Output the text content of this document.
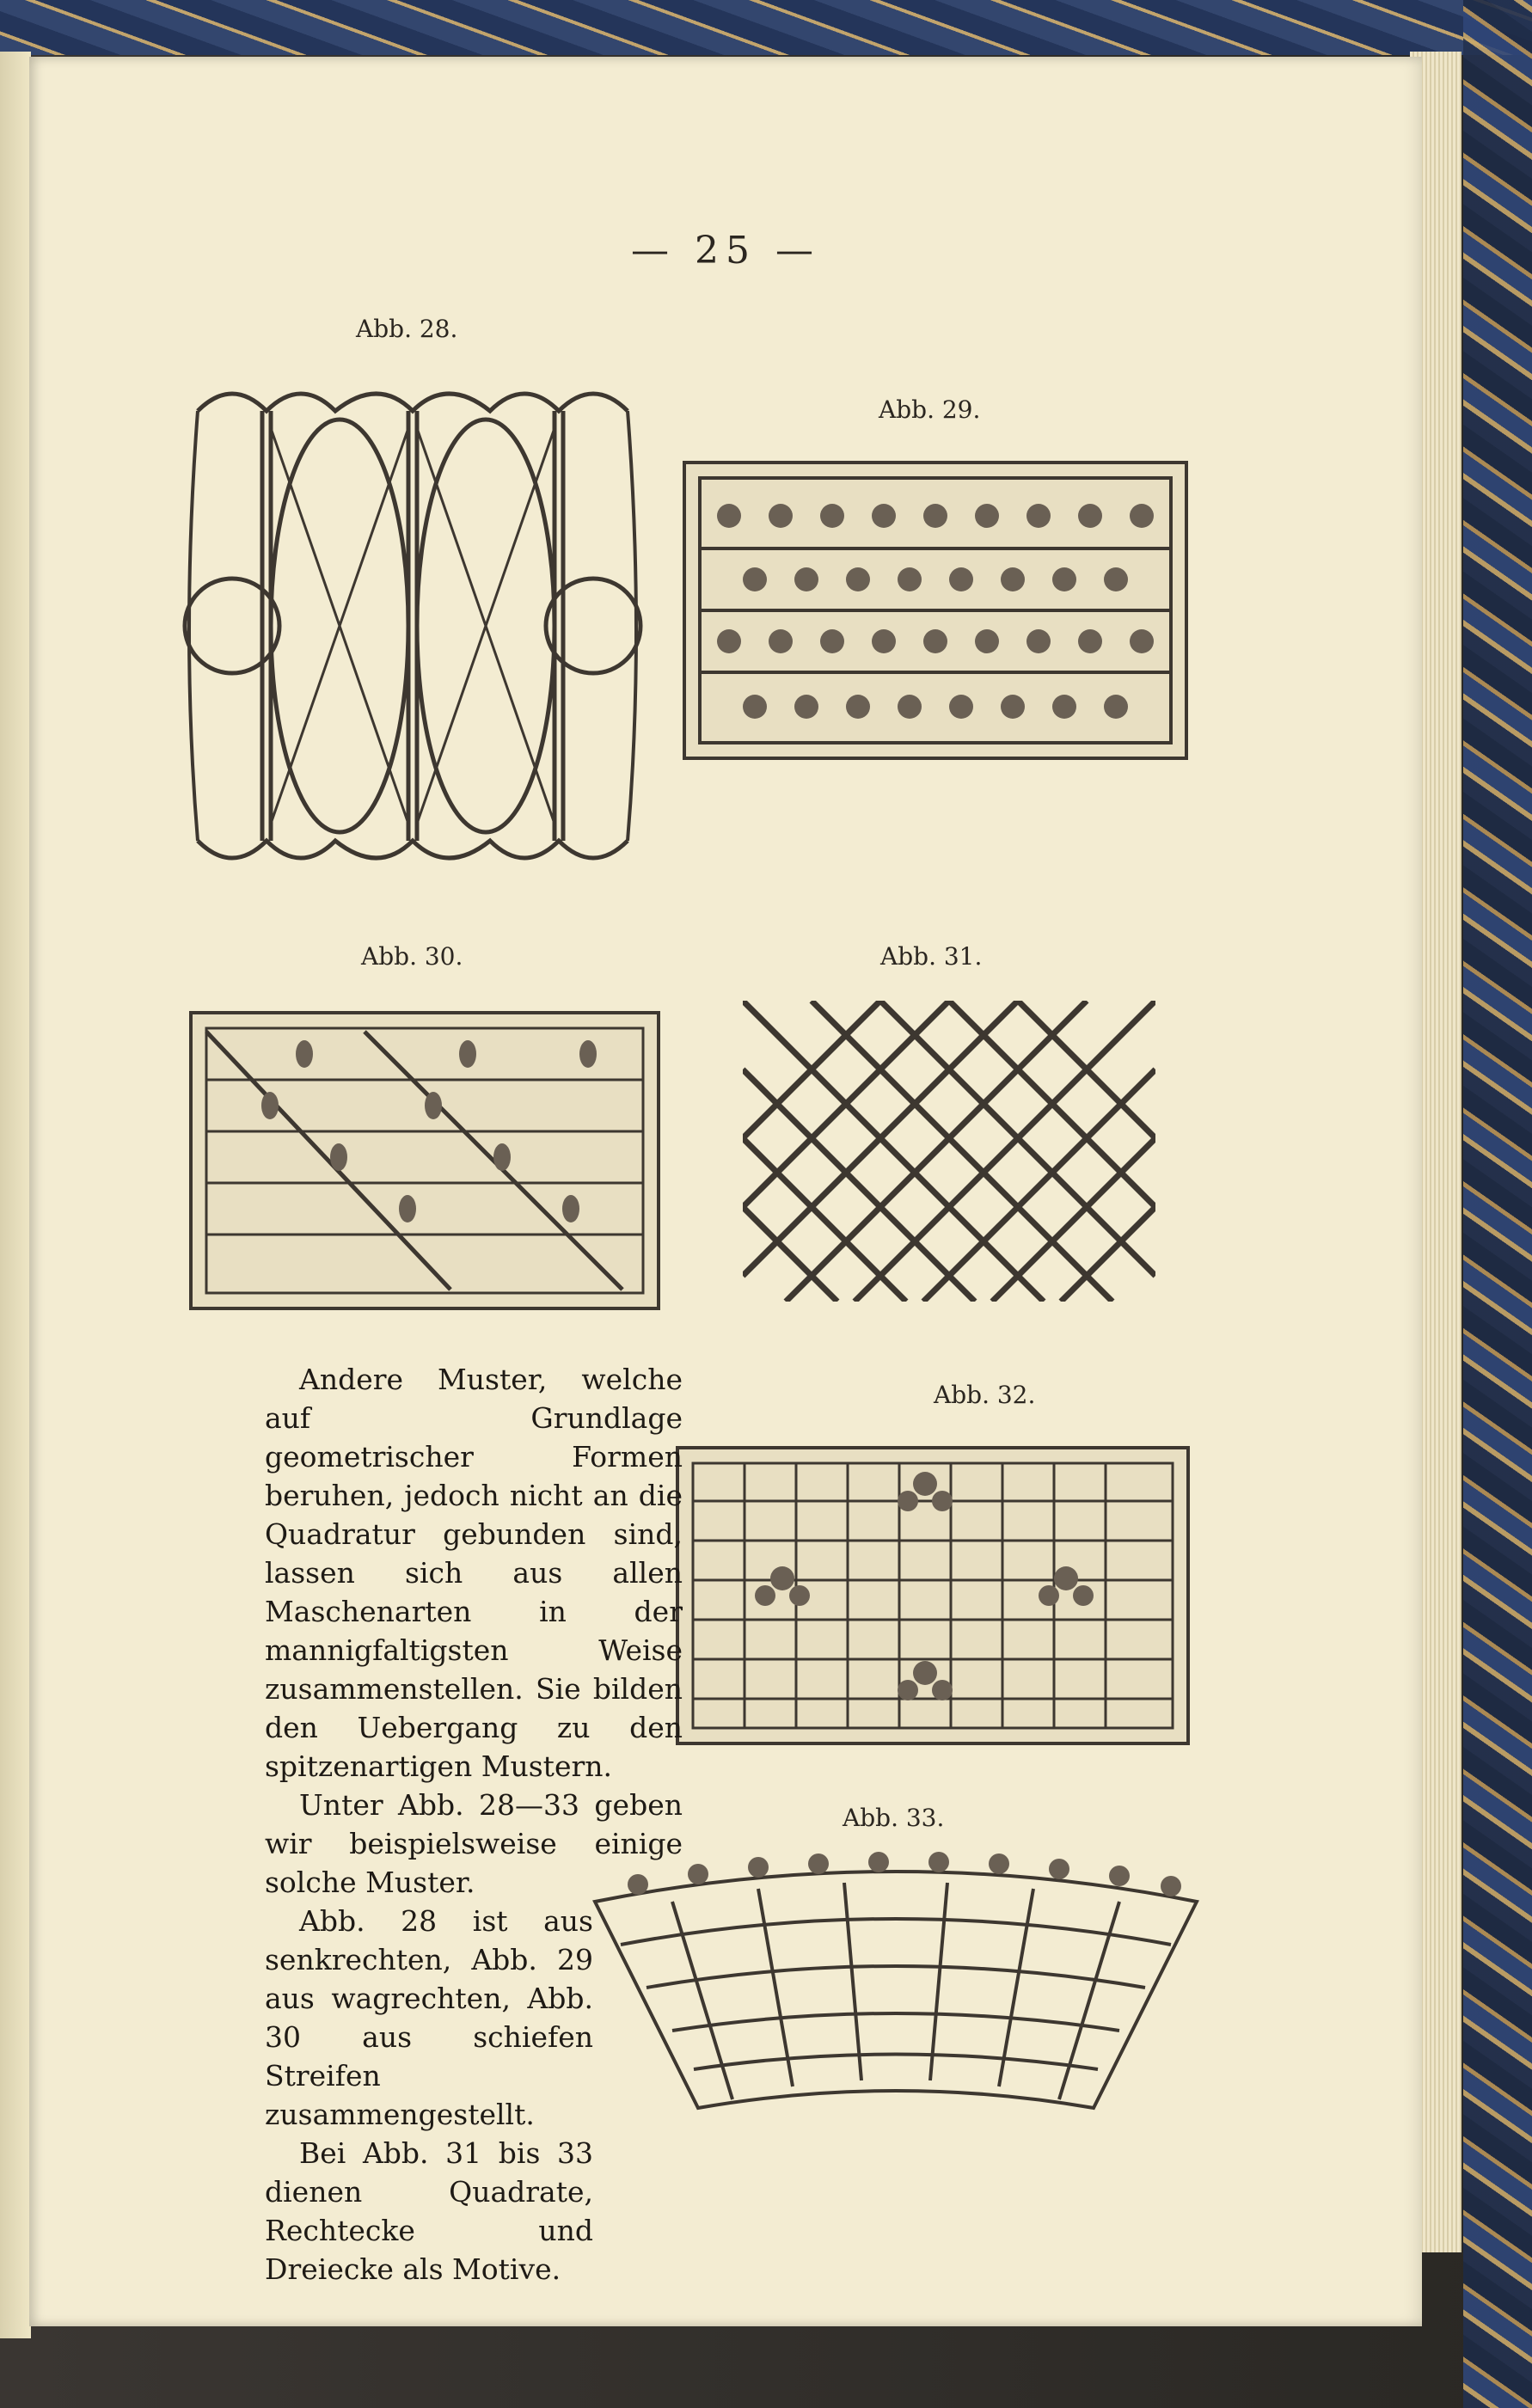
— 25 —
Abb. 28.
Abb. 29.
Abb. 30.	Abb. 31.
Abb. 32.
Abb. 33.

Andere Muster, welche auf Grundlage geometrischer Formen beruhen, jedoch nicht an die Quadratur gebunden sind, lassen sich aus allen Maschenarten in der mannigfaltigsten Weise zusammenstellen. Sie bilden den Uebergang zu den spitzenartigen Mustern.

Unter Abb. 28—33 geben wir beispielsweise einige solche Muster.

Abb. 28 ist aus senkrechten, Abb. 29 aus wagrechten, Abb. 30 aus schiefen Streifen zusammengestellt.

Bei Abb. 31 bis 33 dienen Quadrate, Rechtecke und Dreiecke als Motive.
